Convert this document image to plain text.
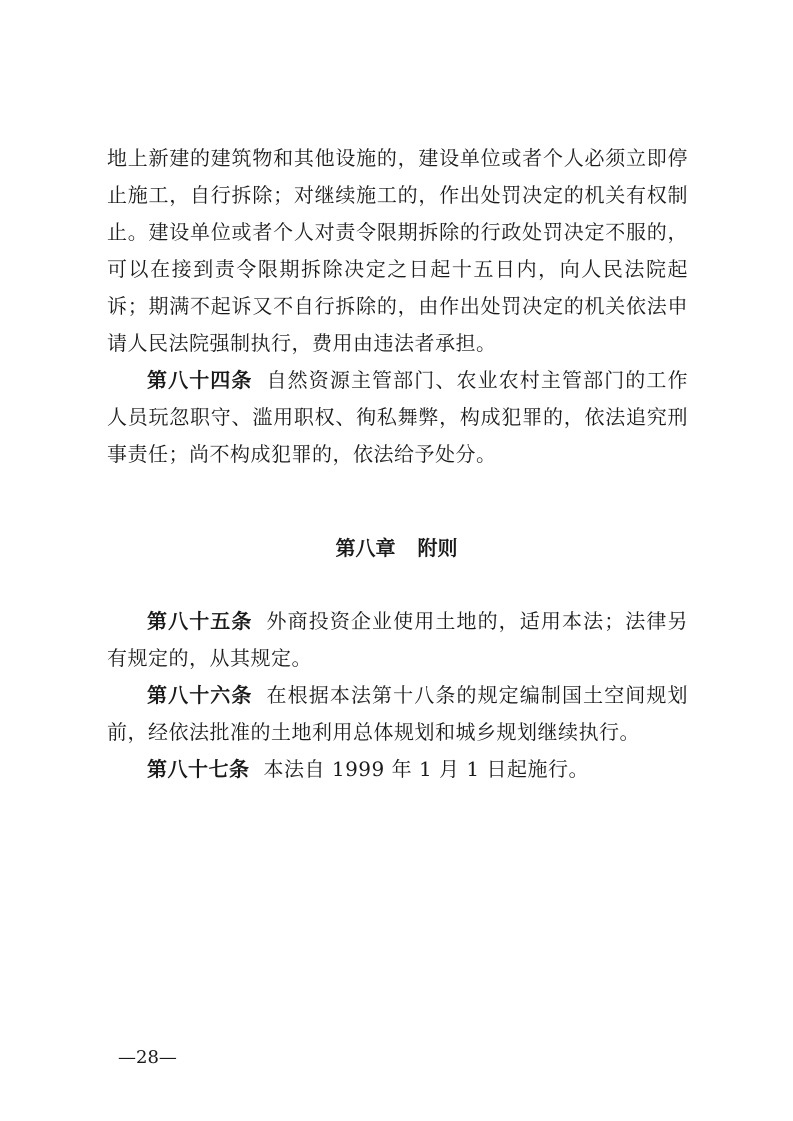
地上新建的建筑物和其他设施的，建设单位或者个人必须立即停止施工，自行拆除；对继续施工的，作出处罚决定的机关有权制止。建设单位或者个人对责令限期拆除的行政处罚决定不服的，可以在接到责令限期拆除决定之日起十五日内，向人民法院起诉；期满不起诉又不自行拆除的，由作出处罚决定的机关依法申请人民法院强制执行，费用由违法者承担。

第八十四条 自然资源主管部门、农业农村主管部门的工作人员玩忽职守、滥用职权、徇私舞弊，构成犯罪的，依法追究刑事责任；尚不构成犯罪的，依法给予处分。

第八章 附则

第八十五条 外商投资企业使用土地的，适用本法；法律另有规定的，从其规定。

第八十六条 在根据本法第十八条的规定编制国土空间规划前，经依法批准的土地利用总体规划和城乡规划继续执行。

第八十七条 本法自 1999 年 1 月 1 日起施行。

—28—
